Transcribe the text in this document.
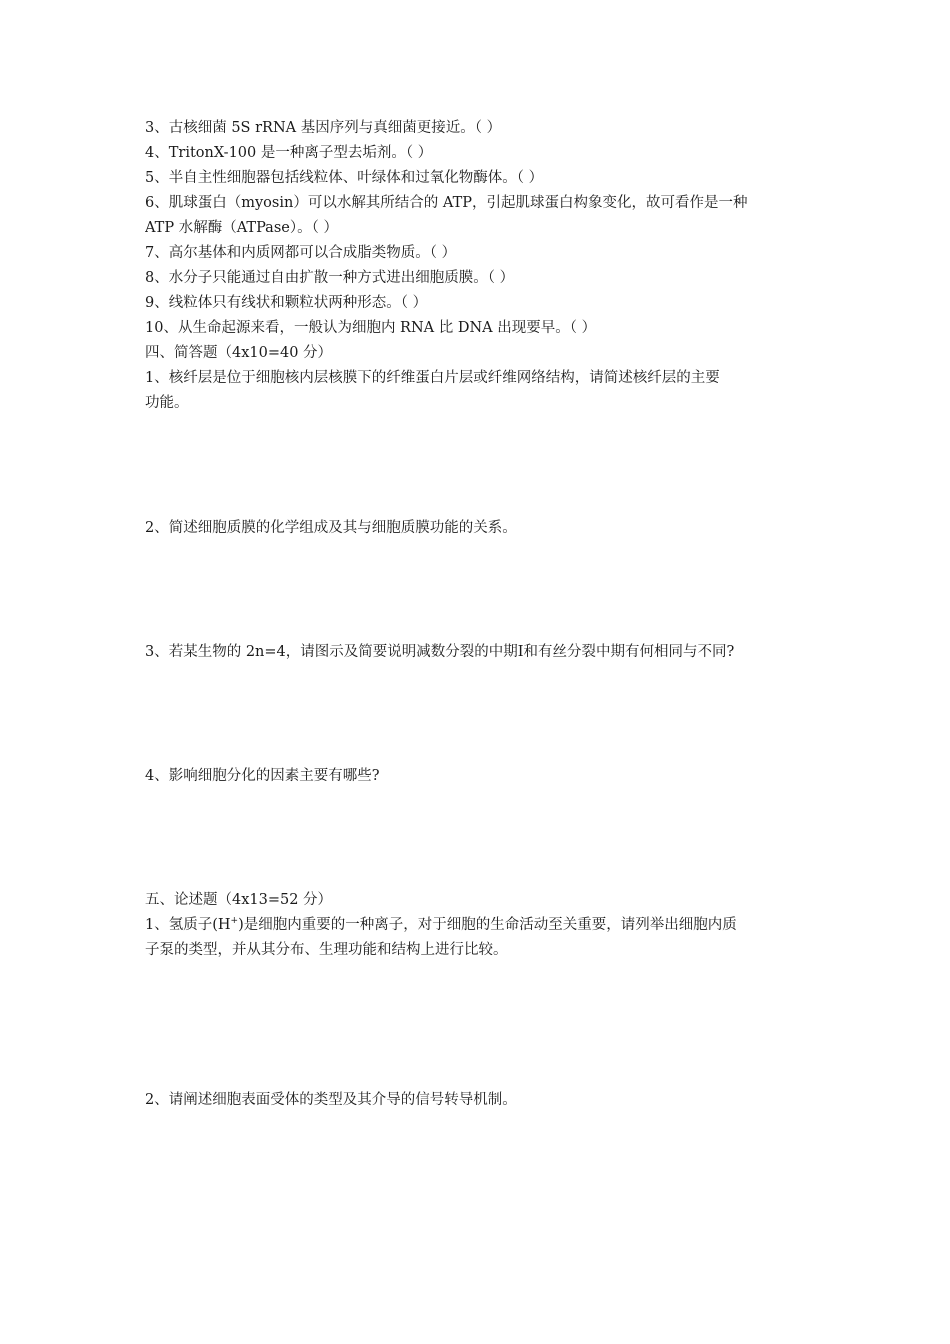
3、古核细菌 5S rRNA 基因序列与真细菌更接近。（ ）
4、TritonX-100 是一种离子型去垢剂。（ ）
5、半自主性细胞器包括线粒体、叶绿体和过氧化物酶体。（ ）
6、肌球蛋白（myosin）可以水解其所结合的 ATP，引起肌球蛋白构象变化，故可看作是一种
ATP 水解酶（ATPase）。（ ）
7、高尔基体和内质网都可以合成脂类物质。（ ）
8、水分子只能通过自由扩散一种方式进出细胞质膜。（ ）
9、线粒体只有线状和颗粒状两种形态。（ ）
10、从生命起源来看，一般认为细胞内 RNA 比 DNA 出现要早。（ ）
四、简答题（4x10=40 分）
1、核纤层是位于细胞核内层核膜下的纤维蛋白片层或纤维网络结构，请简述核纤层的主要
功能。
2、简述细胞质膜的化学组成及其与细胞质膜功能的关系。
3、若某生物的 2n=4，请图示及简要说明减数分裂的中期Ⅰ和有丝分裂中期有何相同与不同?
4、影响细胞分化的因素主要有哪些?
五、论述题（4x13=52 分）
1、氢质子(H+)是细胞内重要的一种离子，对于细胞的生命活动至关重要，请列举出细胞内质
子泵的类型，并从其分布、生理功能和结构上进行比较。
2、请阐述细胞表面受体的类型及其介导的信号转导机制。
